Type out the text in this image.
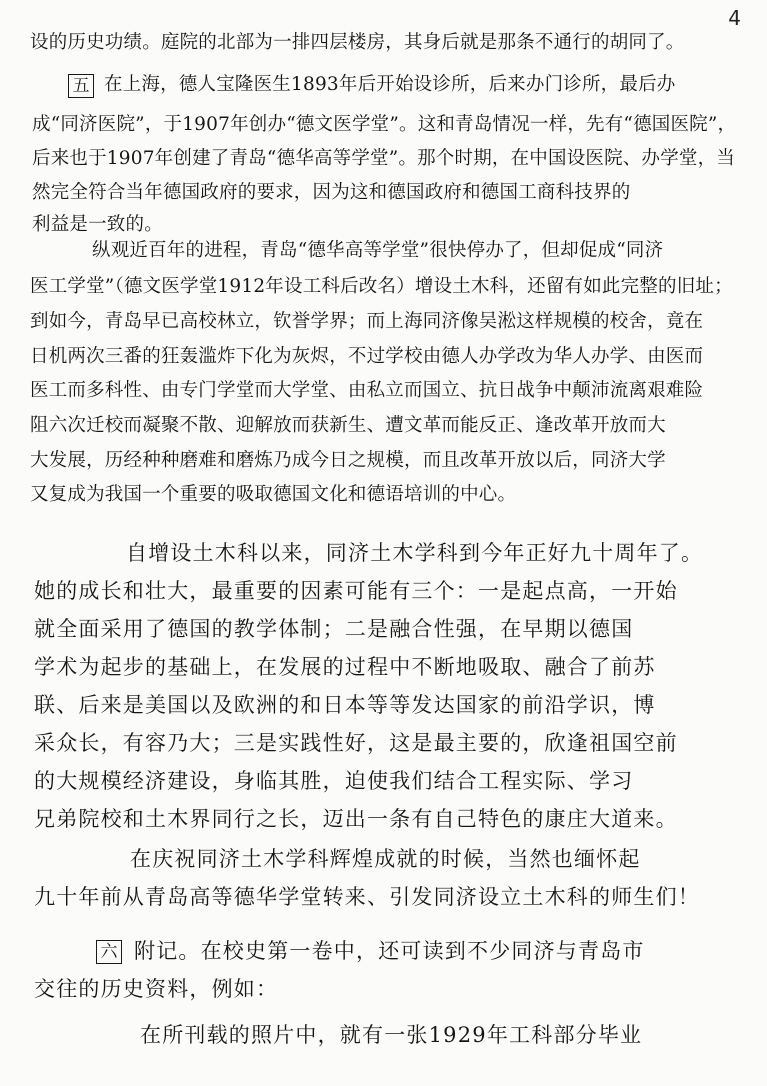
4
设的历史功绩。庭院的北部为一排四层楼房，其身后就是那条不通行的胡同了。
五 在上海，德人宝隆医生1893年后开始设诊所，后来办门诊所，最后办
成“同济医院”，于1907年创办“德文医学堂”。这和青岛情况一样，先有“德国医院”，
后来也于1907年创建了青岛“德华高等学堂”。那个时期，在中国设医院、办学堂，当
然完全符合当年德国政府的要求，因为这和德国政府和德国工商科技界的
利益是一致的。
纵观近百年的进程，青岛“德华高等学堂”很快停办了，但却促成“同济
医工学堂”（德文医学堂1912年设工科后改名）增设土木科，还留有如此完整的旧址；
到如今，青岛早已高校林立，钦誉学界；而上海同济像吴淞这样规模的校舍，竟在
日机两次三番的狂轰滥炸下化为灰烬，不过学校由德人办学改为华人办学、由医而
医工而多科性、由专门学堂而大学堂、由私立而国立、抗日战争中颠沛流离艰难险
阻六次迁校而凝聚不散、迎解放而获新生、遭文革而能反正、逢改革开放而大
大发展，历经种种磨难和磨炼乃成今日之规模，而且改革开放以后，同济大学
又复成为我国一个重要的吸取德国文化和德语培训的中心。
自增设土木科以来，同济土木学科到今年正好九十周年了。
她的成长和壮大，最重要的因素可能有三个：一是起点高，一开始
就全面采用了德国的教学体制；二是融合性强，在早期以德国
学术为起步的基础上，在发展的过程中不断地吸取、融合了前苏
联、后来是美国以及欧洲的和日本等等发达国家的前沿学识，博
采众长，有容乃大；三是实践性好，这是最主要的，欣逢祖国空前
的大规模经济建设，身临其胜，迫使我们结合工程实际、学习
兄弟院校和土木界同行之长，迈出一条有自己特色的康庄大道来。
在庆祝同济土木学科辉煌成就的时候，当然也缅怀起
九十年前从青岛高等德华学堂转来、引发同济设立土木科的师生们！
六 附记。在校史第一卷中，还可读到不少同济与青岛市
交往的历史资料，例如：
在所刊载的照片中，就有一张1929年工科部分毕业
